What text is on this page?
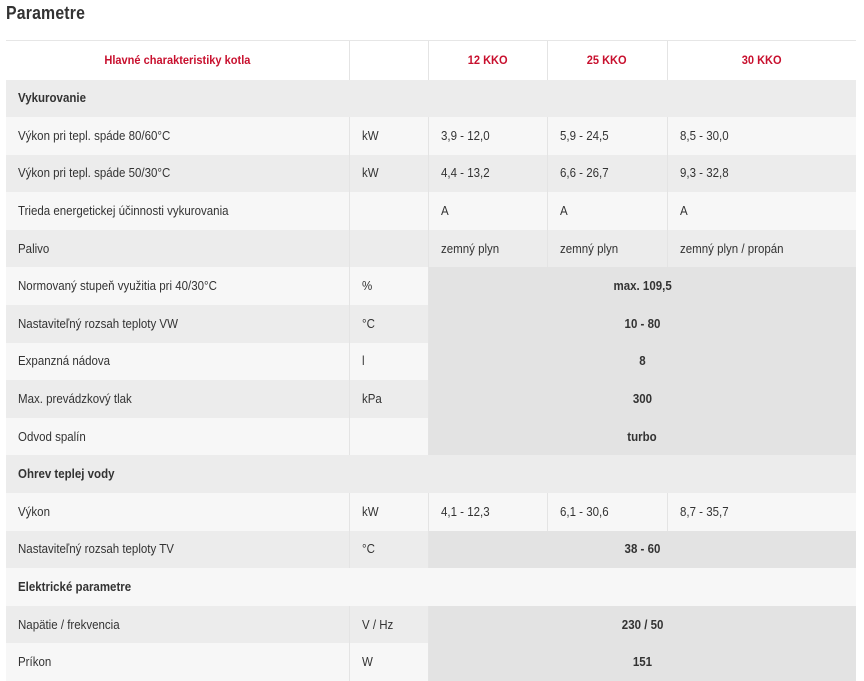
Parametre
Hlavné charakteristiky kotla		12 KKO	25 KKO	30 KKO
Vykurovanie				
Výkon pri tepl. spáde 80/60°C	kW	3,9 - 12,0	5,9 - 24,5	8,5 - 30,0
Výkon pri tepl. spáde 50/30°C	kW	4,4 - 13,2	6,6 - 26,7	9,3 - 32,8
Trieda energetickej účinnosti vykurovania		A	A	A
Palivo		zemný plyn	zemný plyn	zemný plyn / propán
Normovaný stupeň využitia pri 40/30°C	%	max. 109,5		
Nastaviteľný rozsah teploty VW	°C	10 - 80		
Expanzná nádova	l	8		
Max. prevádzkový tlak	kPa	300		
Odvod spalín		turbo		
Ohrev teplej vody				
Výkon	kW	4,1 - 12,3	6,1 - 30,6	8,7 - 35,7
Nastaviteľný rozsah teploty TV	°C	38 - 60		
Elektrické parametre				
Napätie / frekvencia	V / Hz	230 / 50		
Príkon	W	151		
